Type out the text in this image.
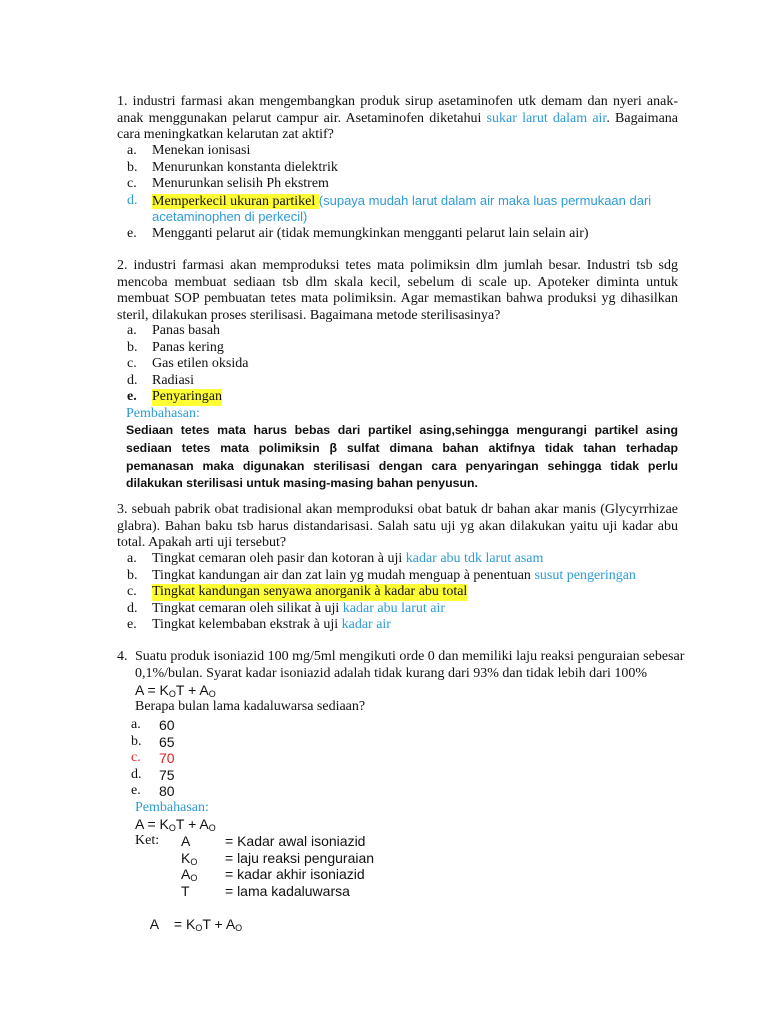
1. industri farmasi akan mengembangkan produk sirup asetaminofen utk demam dan nyeri anak-anak menggunakan pelarut campur air. Asetaminofen diketahui sukar larut dalam air. Bagaimana cara meningkatkan kelarutan zat aktif?
a. Menekan ionisasi
b. Menurunkan konstanta dielektrik
c. Menurunkan selisih Ph ekstrem
d. Memperkecil ukuran partikel (supaya mudah larut dalam air maka luas permukaan dari
acetaminophen di perkecil)
e. Mengganti pelarut air (tidak memungkinkan mengganti pelarut lain selain air)
2. industri farmasi akan memproduksi tetes mata polimiksin dlm jumlah besar. Industri tsb sdg mencoba membuat sediaan tsb dlm skala kecil, sebelum di scale up. Apoteker diminta untuk membuat SOP pembuatan tetes mata polimiksin. Agar memastikan bahwa produksi yg dihasilkan steril, dilakukan proses sterilisasi. Bagaimana metode sterilisasinya?
a. Panas basah
b. Panas kering
c. Gas etilen oksida
d. Radiasi
e. Penyaringan
Pembahasan:
Sediaan tetes mata harus bebas dari partikel asing,sehingga mengurangi partikel asing sediaan tetes mata polimiksin β sulfat dimana bahan aktifnya tidak tahan terhadap pemanasan maka digunakan sterilisasi dengan cara penyaringan sehingga tidak perlu dilakukan sterilisasi untuk masing-masing bahan penyusun.
3. sebuah pabrik obat tradisional akan memproduksi obat batuk dr bahan akar manis (Glycyrrhizae glabra). Bahan baku tsb harus distandarisasi. Salah satu uji yg akan dilakukan yaitu uji kadar abu total. Apakah arti uji tersebut?
a. Tingkat cemaran oleh pasir dan kotoran à uji kadar abu tdk larut asam
b. Tingkat kandungan air dan zat lain yg mudah menguap à penentuan susut pengeringan
c. Tingkat kandungan senyawa anorganik à kadar abu total
d. Tingkat cemaran oleh silikat à uji kadar abu larut air
e. Tingkat kelembaban ekstrak à uji kadar air
4. Suatu produk isoniazid 100 mg/5ml mengikuti orde 0 dan memiliki laju reaksi penguraian sebesar
0,1%/bulan. Syarat kadar isoniazid adalah tidak kurang dari 93% dan tidak lebih dari 100%
A = KOT + AO
Berapa bulan lama kadaluwarsa sediaan?
a. 60
b. 65
c. 70
d. 75
e. 80
Pembahasan:
A = KOT + AO
Ket: A = Kadar awal isoniazid
KO = laju reaksi penguraian
AO = kadar akhir isoniazid
T	= lama kadaluwarsa

A    = KOT + AO
